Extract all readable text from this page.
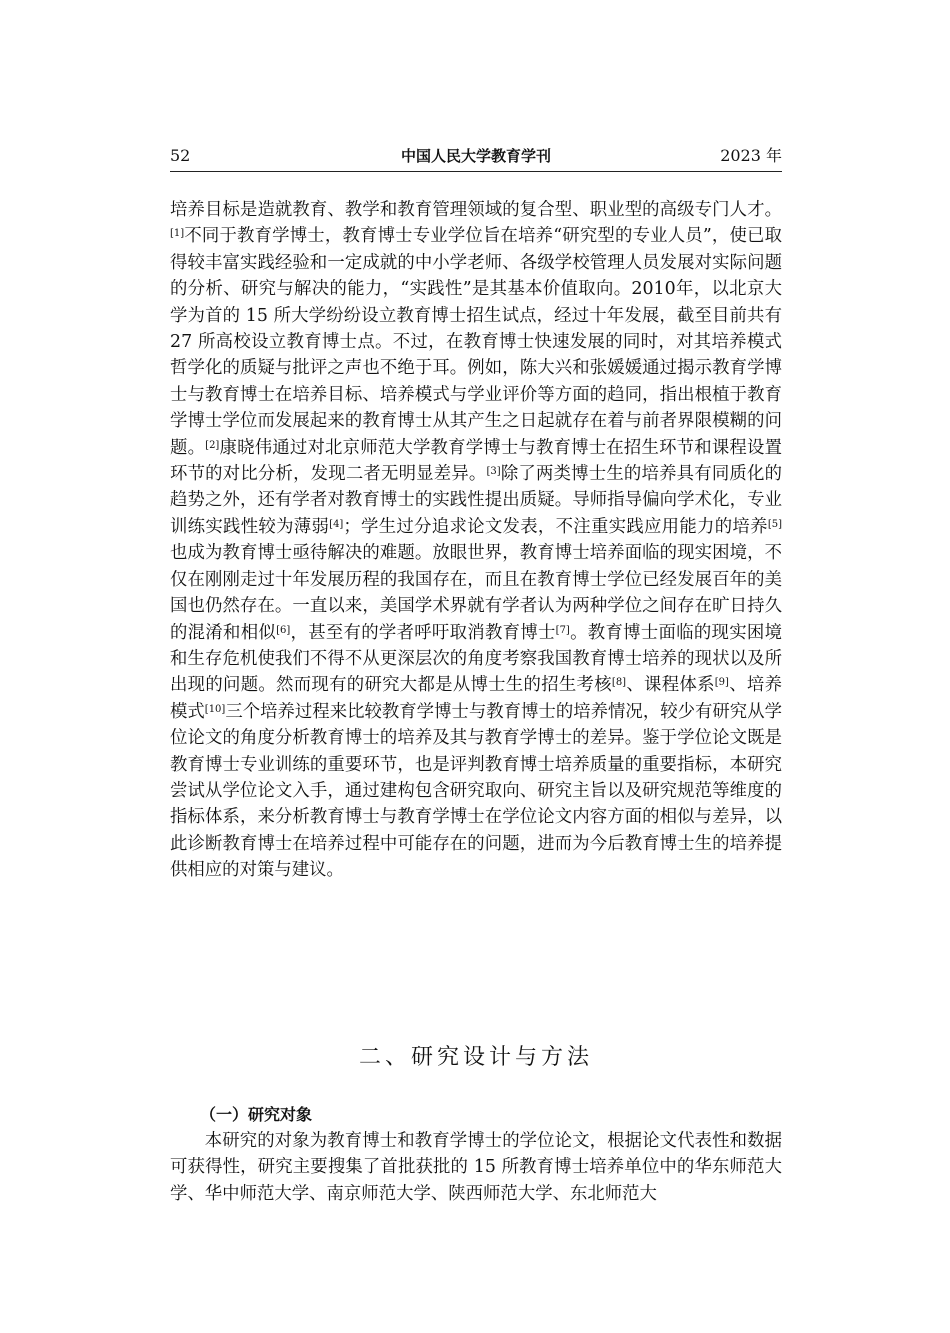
52	中国人民大学教育学刊	2023 年

培养目标是造就教育、教学和教育管理领域的复合型、职业型的高级专门人才。[1]不同于教育学博士，教育博士专业学位旨在培养“研究型的专业人员”，使已取得较丰富实践经验和一定成就的中小学老师、各级学校管理人员发展对实际问题的分析、研究与解决的能力，“实践性”是其基本价值取向。2010年，以北京大学为首的 15 所大学纷纷设立教育博士招生试点，经过十年发展，截至目前共有 27 所高校设立教育博士点。不过，在教育博士快速发展的同时，对其培养模式哲学化的质疑与批评之声也不绝于耳。例如，陈大兴和张媛媛通过揭示教育学博士与教育博士在培养目标、培养模式与学业评价等方面的趋同，指出根植于教育学博士学位而发展起来的教育博士从其产生之日起就存在着与前者界限模糊的问题。[2]康晓伟通过对北京师范大学教育学博士与教育博士在招生环节和课程设置环节的对比分析，发现二者无明显差异。[3]除了两类博士生的培养具有同质化的趋势之外，还有学者对教育博士的实践性提出质疑。导师指导偏向学术化，专业训练实践性较为薄弱[4]；学生过分追求论文发表，不注重实践应用能力的培养[5]也成为教育博士亟待解决的难题。放眼世界，教育博士培养面临的现实困境，不仅在刚刚走过十年发展历程的我国存在，而且在教育博士学位已经发展百年的美国也仍然存在。一直以来，美国学术界就有学者认为两种学位之间存在旷日持久的混淆和相似[6]，甚至有的学者呼吁取消教育博士[7]。教育博士面临的现实困境和生存危机使我们不得不从更深层次的角度考察我国教育博士培养的现状以及所出现的问题。然而现有的研究大都是从博士生的招生考核[8]、课程体系[9]、培养模式[10]三个培养过程来比较教育学博士与教育博士的培养情况，较少有研究从学位论文的角度分析教育博士的培养及其与教育学博士的差异。鉴于学位论文既是教育博士专业训练的重要环节，也是评判教育博士培养质量的重要指标，本研究尝试从学位论文入手，通过建构包含研究取向、研究主旨以及研究规范等维度的指标体系，来分析教育博士与教育学博士在学位论文内容方面的相似与差异，以此诊断教育博士在培养过程中可能存在的问题，进而为今后教育博士生的培养提供相应的对策与建议。

二、研究设计与方法
（一）研究对象
本研究的对象为教育博士和教育学博士的学位论文，根据论文代表性和数据可获得性，研究主要搜集了首批获批的 15 所教育博士培养单位中的华东师范大学、华中师范大学、南京师范大学、陕西师范大学、东北师范大
